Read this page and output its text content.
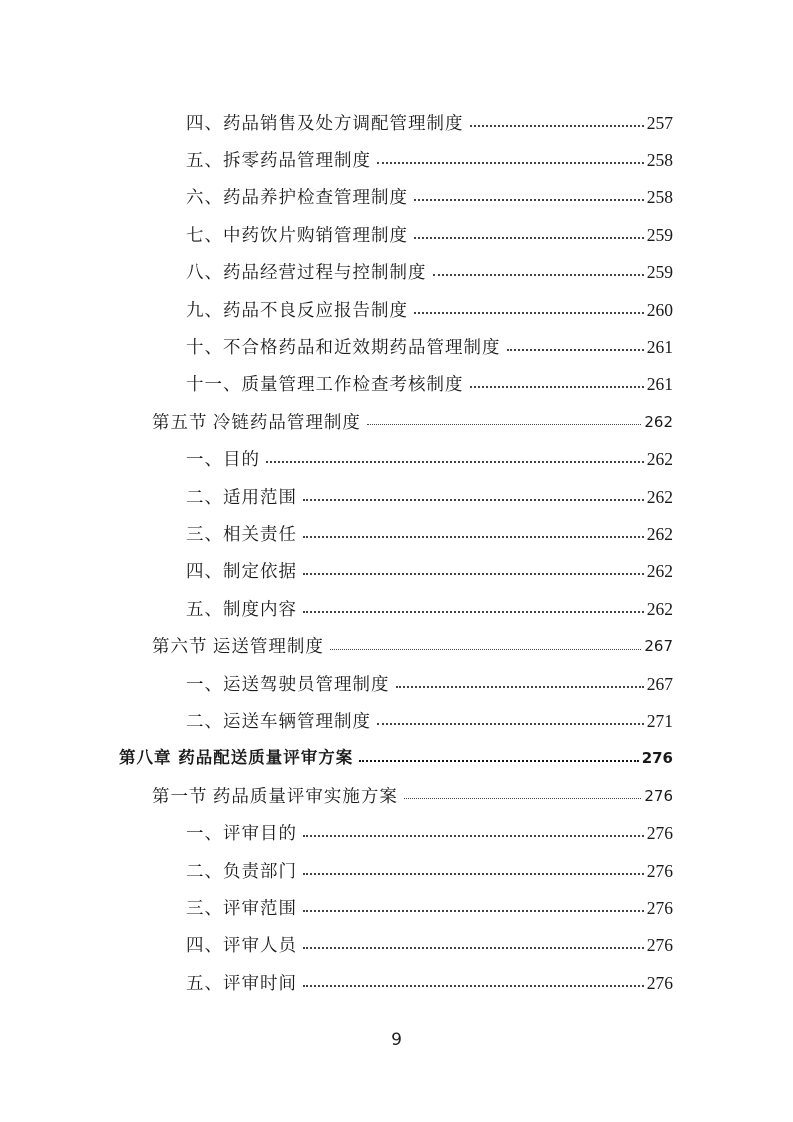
四、药品销售及处方调配管理制度	257
五、拆零药品管理制度	258
六、药品养护检查管理制度	258
七、中药饮片购销管理制度	259
八、药品经营过程与控制制度	259
九、药品不良反应报告制度	260
十、不合格药品和近效期药品管理制度	261
十一、质量管理工作检查考核制度	261
第五节 冷链药品管理制度	262
一、目的	262
二、适用范围	262
三、相关责任	262
四、制定依据	262
五、制度内容	262
第六节 运送管理制度	267
一、运送驾驶员管理制度	267
二、运送车辆管理制度	271
第八章 药品配送质量评审方案	276
第一节 药品质量评审实施方案	276
一、评审目的	276
二、负责部门	276
三、评审范围	276
四、评审人员	276
五、评审时间	276
9
